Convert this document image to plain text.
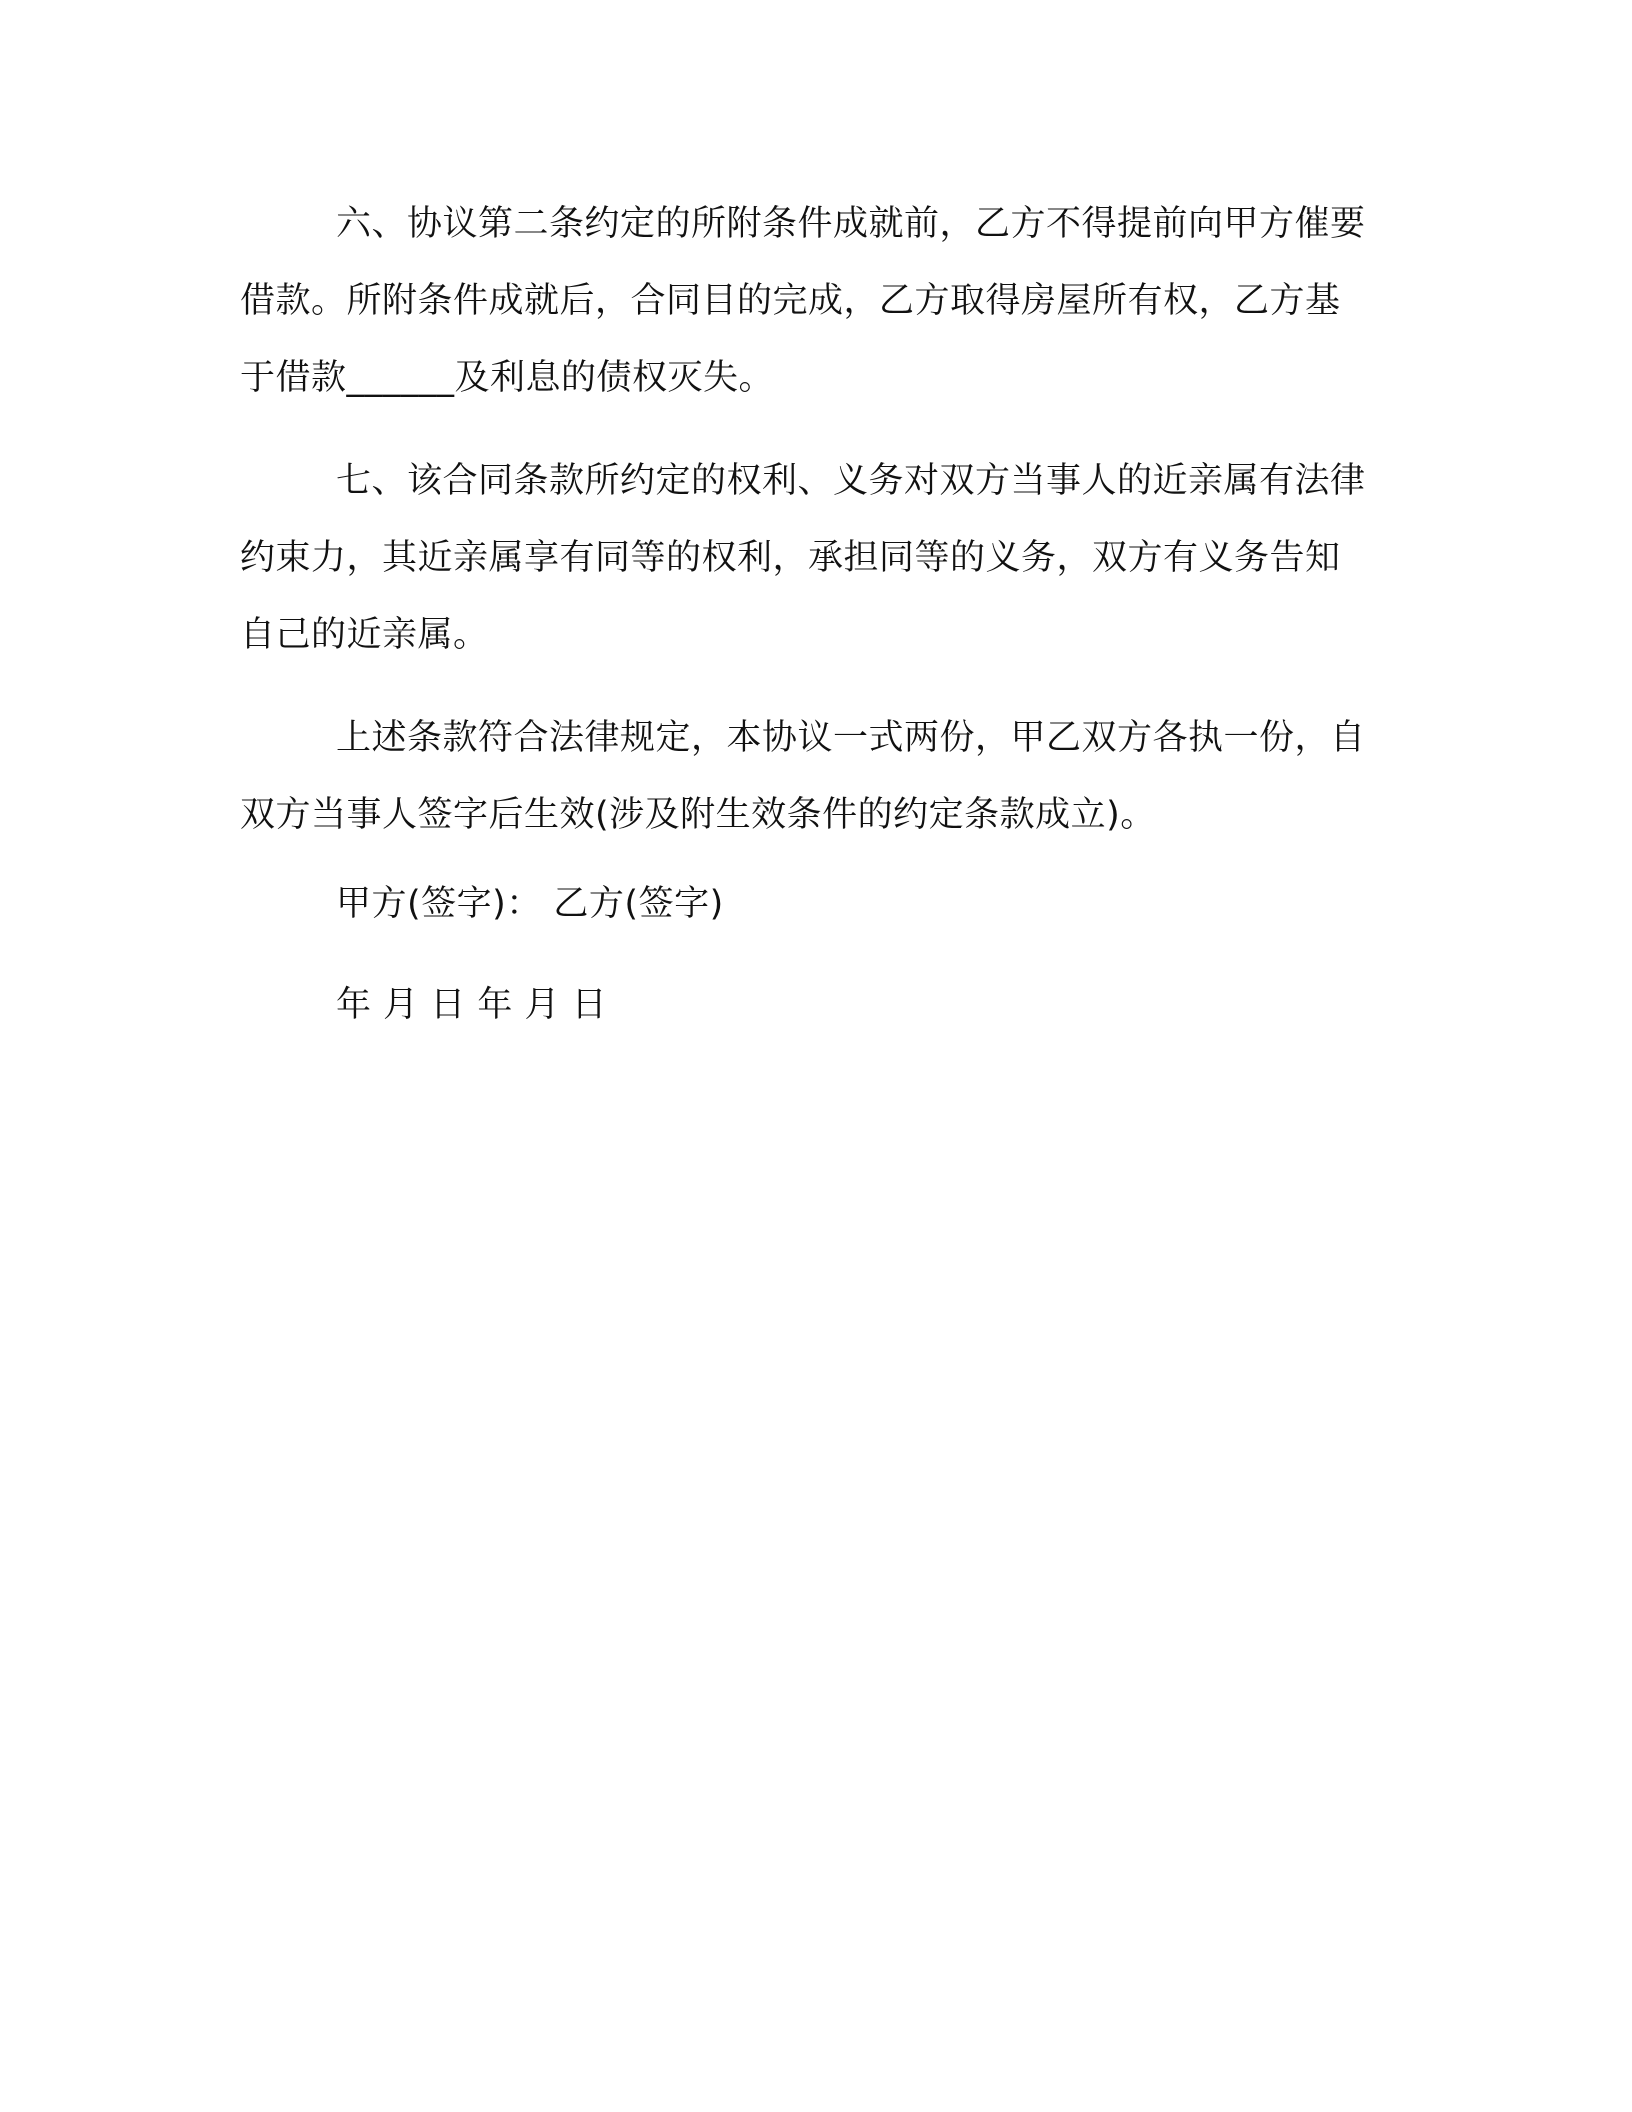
六、协议第二条约定的所附条件成就前，乙方不得提前向甲方催要借款。所附条件成就后，合同目的完成，乙方取得房屋所有权，乙方基于借款______及利息的债权灭失。

七、该合同条款所约定的权利、义务对双方当事人的近亲属有法律约束力，其近亲属享有同等的权利，承担同等的义务，双方有义务告知自己的近亲属。

上述条款符合法律规定，本协议一式两份，甲乙双方各执一份，自双方当事人签字后生效(涉及附生效条件的约定条款成立)。

甲方(签字)： 乙方(签字)

年 月 日 年 月 日
